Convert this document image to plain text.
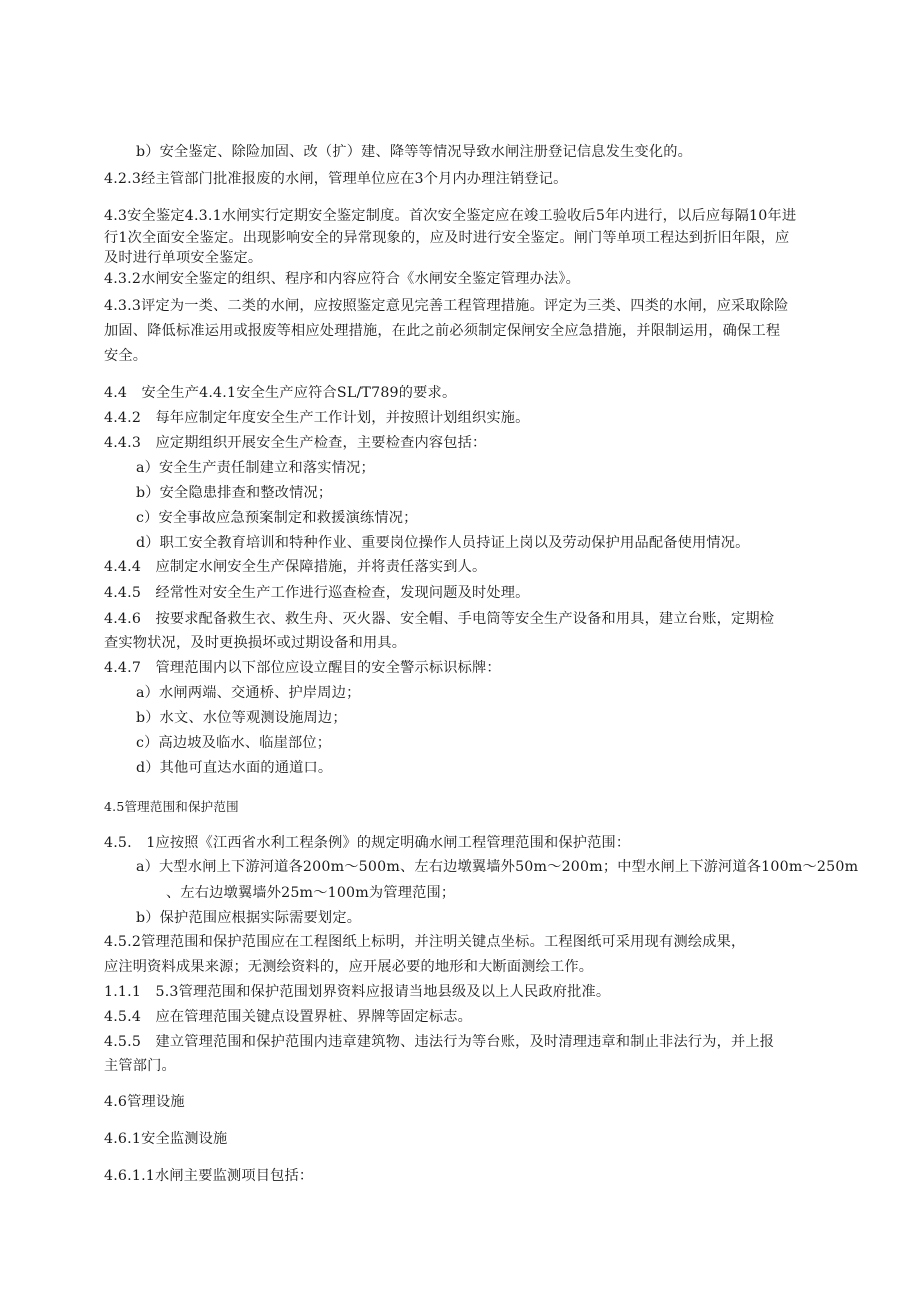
b）安全鉴定、除险加固、改（扩）建、降等等情况导致水闸注册登记信息发生变化的。
4.2.3经主管部门批准报废的水闸，管理单位应在3个月内办理注销登记。
4.3安全鉴定4.3.1水闸实行定期安全鉴定制度。首次安全鉴定应在竣工验收后5年内进行，以后应每隔10年进
行1次全面安全鉴定。出现影响安全的异常现象的，应及时进行安全鉴定。闸门等单项工程达到折旧年限，应
及时进行单项安全鉴定。
4.3.2水闸安全鉴定的组织、程序和内容应符合《水闸安全鉴定管理办法》。
4.3.3评定为一类、二类的水闸，应按照鉴定意见完善工程管理措施。评定为三类、四类的水闸，应采取除险
加固、降低标准运用或报废等相应处理措施，在此之前必须制定保闸安全应急措施，并限制运用，确保工程
安全。
4.4　安全生产4.4.1安全生产应符合SL/T789的要求。
4.4.2　每年应制定年度安全生产工作计划，并按照计划组织实施。
4.4.3　应定期组织开展安全生产检查，主要检查内容包括：
a）安全生产责任制建立和落实情况；
b）安全隐患排查和整改情况；
c）安全事故应急预案制定和救援演练情况；
d）职工安全教育培训和特种作业、重要岗位操作人员持证上岗以及劳动保护用品配备使用情况。
4.4.4　应制定水闸安全生产保障措施，并将责任落实到人。
4.4.5　经常性对安全生产工作进行巡查检查，发现问题及时处理。
4.4.6　按要求配备救生衣、救生舟、灭火器、安全帽、手电筒等安全生产设备和用具，建立台账，定期检
查实物状况，及时更换损坏或过期设备和用具。
4.4.7　管理范围内以下部位应设立醒目的安全警示标识标牌：
a）水闸两端、交通桥、护岸周边；
b）水文、水位等观测设施周边；
c）高边坡及临水、临崖部位；
d）其他可直达水面的通道口。
4.5管理范围和保护范围
4.5.　1应按照《江西省水利工程条例》的规定明确水闸工程管理范围和保护范围：
a）大型水闸上下游河道各200m～500m、左右边墩翼墙外50m～200m；中型水闸上下游河道各100m～250m
、左右边墩翼墙外25m～100m为管理范围；
b）保护范围应根据实际需要划定。
4.5.2管理范围和保护范围应在工程图纸上标明，并注明关键点坐标。工程图纸可采用现有测绘成果，
应注明资料成果来源；无测绘资料的，应开展必要的地形和大断面测绘工作。
1.1.1　5.3管理范围和保护范围划界资料应报请当地县级及以上人民政府批准。
4.5.4　应在管理范围关键点设置界桩、界牌等固定标志。
4.5.5　建立管理范围和保护范围内违章建筑物、违法行为等台账，及时清理违章和制止非法行为，并上报
主管部门。
4.6管理设施
4.6.1安全监测设施
4.6.1.1水闸主要监测项目包括：
